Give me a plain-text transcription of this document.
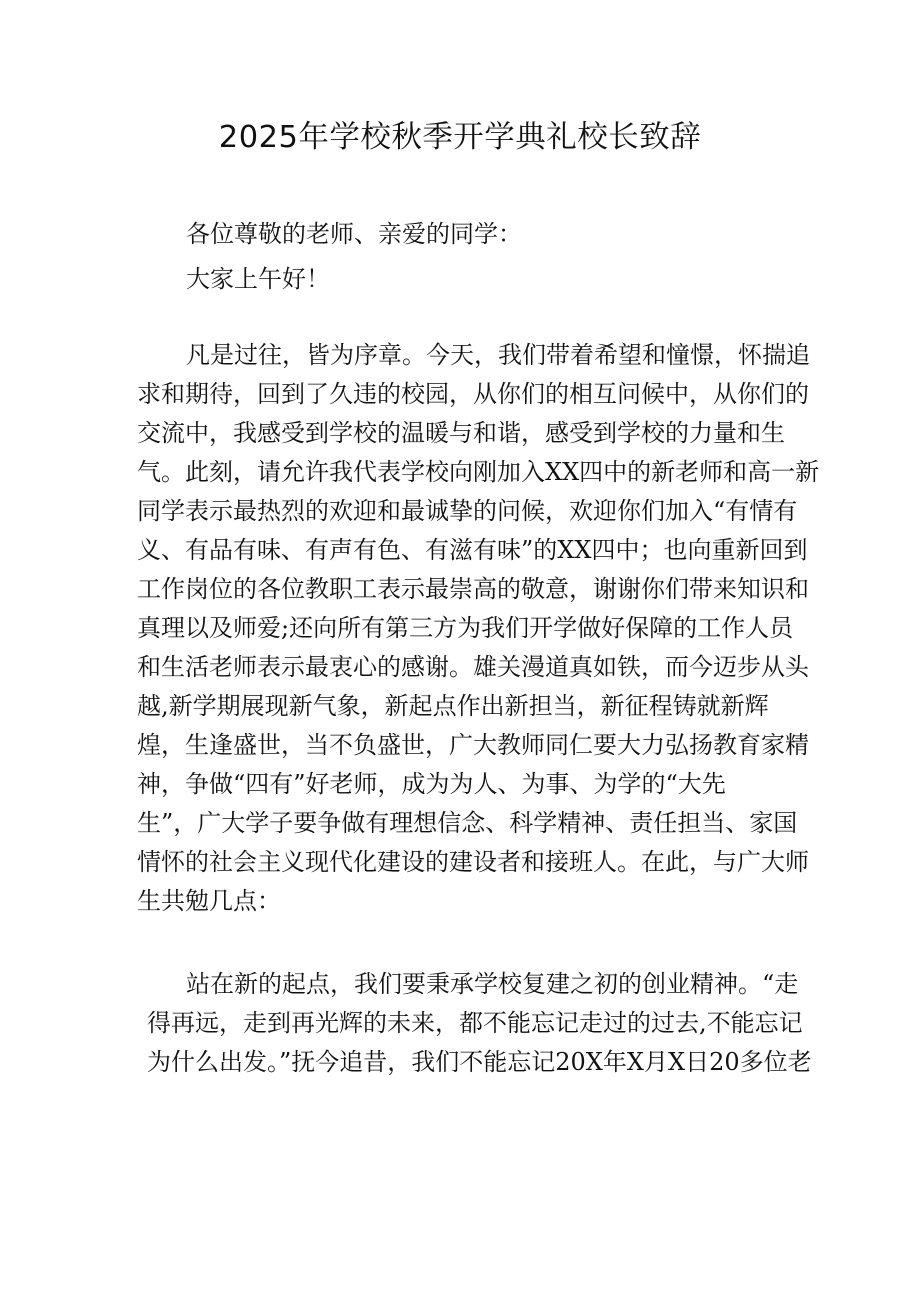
2025年学校秋季开学典礼校长致辞
各位尊敬的老师、亲爱的同学：
大家上午好！
凡是过往，皆为序章。今天，我们带着希望和憧憬，怀揣追
求和期待，回到了久违的校园，从你们的相互问候中，从你们的
交流中，我感受到学校的温暖与和谐，感受到学校的力量和生
气。此刻，请允许我代表学校向刚加入XX四中的新老师和高一新
同学表示最热烈的欢迎和最诚挚的问候，欢迎你们加入“有情有
义、有品有味、有声有色、有滋有味”的XX四中；也向重新回到
工作岗位的各位教职工表示最崇高的敬意，谢谢你们带来知识和
真理以及师爱;还向所有第三方为我们开学做好保障的工作人员
和生活老师表示最衷心的感谢。雄关漫道真如铁，而今迈步从头
越,新学期展现新气象，新起点作出新担当，新征程铸就新辉
煌，生逢盛世，当不负盛世，广大教师同仁要大力弘扬教育家精
神，争做“四有”好老师，成为为人、为事、为学的“大先
生”，广大学子要争做有理想信念、科学精神、责任担当、家国
情怀的社会主义现代化建设的建设者和接班人。在此，与广大师
生共勉几点：
站在新的起点，我们要秉承学校复建之初的创业精神。“走
得再远，走到再光辉的未来，都不能忘记走过的过去,不能忘记
为什么出发。”抚今追昔，我们不能忘记20X年X月X日20多位老
